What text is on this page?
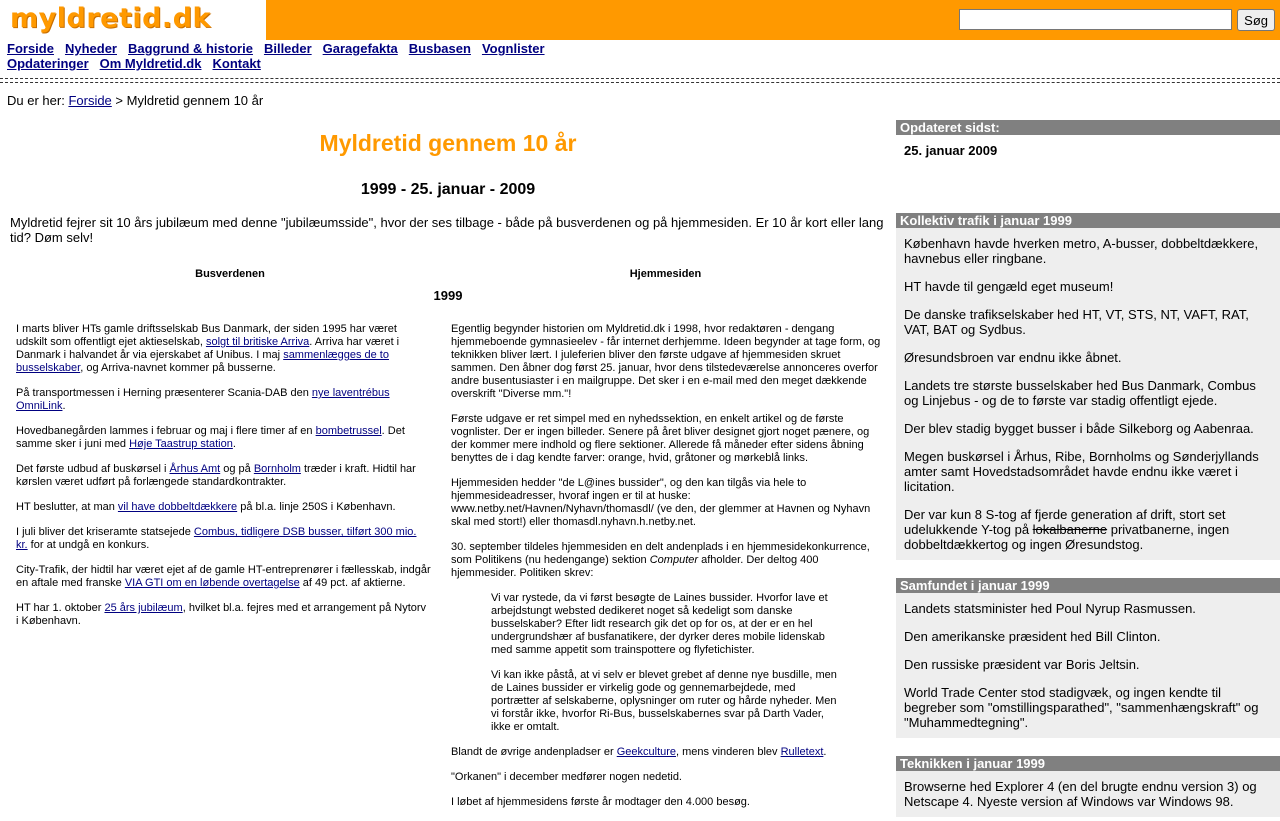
myldretid.dk	Søg
Forside Nyheder Baggrund & historie Billeder Garagefakta Busbasen Vognlister
Opdateringer Om Myldretid.dk Kontakt
Du er her: Forside > Myldretid gennem 10 år
Myldretid gennem 10 år
1999 - 25. januar - 2009
Myldretid fejrer sit 10 års jubilæum med denne "jubilæumsside", hvor der ses tilbage - både på busverdenen og på hjemmesiden. Er 10 år kort eller lang tid? Døm selv!
Busverdenen	Hjemmesiden
1999

I marts bliver HTs gamle driftsselskab Bus Danmark, der siden 1995 har været udskilt som offentligt ejet aktieselskab, solgt til britiske Arriva. Arriva har været i Danmark i halvandet år via ejerskabet af Unibus. I maj sammenlægges de to busselskaber, og Arriva-navnet kommer på busserne.

På transportmessen i Herning præsenterer Scania-DAB den nye laventrébus OmniLink.

Hovedbanegården lammes i februar og maj i flere timer af en bombetrussel. Det samme sker i juni med Høje Taastrup station.

Det første udbud af buskørsel i Århus Amt og på Bornholm træder i kraft. Hidtil har kørslen været udført på forlængede standardkontrakter.

HT beslutter, at man vil have dobbeltdækkere på bl.a. linje 250S i København.

I juli bliver det kriseramte statsejede Combus, tidligere DSB busser, tilført 300 mio. kr. for at undgå en konkurs.

City-Trafik, der hidtil har været ejet af de gamle HT-entreprenører i fællesskab, indgår en aftale med franske VIA GTI om en løbende overtagelse af 49 pct. af aktierne.

HT har 1. oktober 25 års jubilæum, hvilket bl.a. fejres med et arrangement på Nytorv i København.

Egentlig begynder historien om Myldretid.dk i 1998, hvor redaktøren - dengang hjemmeboende gymnasieelev - får internet derhjemme. Ideen begynder at tage form, og teknikken bliver lært. I juleferien bliver den første udgave af hjemmesiden skruet sammen. Den åbner dog først 25. januar, hvor dens tilstedeværelse annonceres overfor andre busentusiaster i en mailgruppe. Det sker i en e-mail med den meget dækkende overskrift "Diverse mm."!

Første udgave er ret simpel med en nyhedssektion, en enkelt artikel og de første vognlister. Der er ingen billeder. Senere på året bliver designet gjort noget pænere, og der kommer mere indhold og flere sektioner. Allerede få måneder efter sidens åbning benyttes de i dag kendte farver: orange, hvid, gråtoner og mørkeblå links.

Hjemmesiden hedder "de L@ines bussider", og den kan tilgås via hele to hjemmesideadresser, hvoraf ingen er til at huske: www.netby.net/Havnen/Nyhavn/thomasdl/ (ve den, der glemmer at Havnen og Nyhavn skal med stort!) eller thomasdl.nyhavn.h.netby.net.

30. september tildeles hjemmesiden en delt andenplads i en hjemmesidekonkurrence, som Politikens (nu hedengange) sektion Computer afholder. Der deltog 400 hjemmesider. Politiken skrev:

Vi var rystede, da vi først besøgte de Laines bussider. Hvorfor lave et arbejdstungt websted dedikeret noget så kedeligt som danske busselskaber? Efter lidt research gik det op for os, at der er en hel undergrundshær af busfanatikere, der dyrker deres mobile lidenskab med samme appetit som trainspottere og flyfetichister.

Vi kan ikke påstå, at vi selv er blevet grebet af denne nye busdille, men de Laines bussider er virkelig gode og gennemarbejdede, med portrætter af selskaberne, oplysninger om ruter og hårde nyheder. Men vi forstår ikke, hvorfor Ri-Bus, busselskabernes svar på Darth Vader, ikke er omtalt.

Blandt de øvrige andenpladser er Geekculture, mens vinderen blev Rulletext.

"Orkanen" i december medfører nogen nedetid.

I løbet af hjemmesidens første år modtager den 4.000 besøg.

Opdateret sidst:
25. januar 2009
Kollektiv trafik i januar 1999

København havde hverken metro, A-busser, dobbeltdækkere, havnebus eller ringbane.

HT havde til gengæld eget museum!

De danske trafikselskaber hed HT, VT, STS, NT, VAFT, RAT, VAT, BAT og Sydbus.

Øresundsbroen var endnu ikke åbnet.

Landets tre største busselskaber hed Bus Danmark, Combus og Linjebus - og de to første var stadig offentligt ejede.

Der blev stadig bygget busser i både Silkeborg og Aabenraa.

Megen buskørsel i Århus, Ribe, Bornholms og Sønderjyllands amter samt Hovedstadsområdet havde endnu ikke været i licitation.

Der var kun 8 S-tog af fjerde generation af drift, stort set udelukkende Y-tog på lokalbanerne privatbanerne, ingen dobbeltdækkertog og ingen Øresundstog.

Samfundet i januar 1999

Landets statsminister hed Poul Nyrup Rasmussen.

Den amerikanske præsident hed Bill Clinton.

Den russiske præsident var Boris Jeltsin.

World Trade Center stod stadigvæk, og ingen kendte til begreber som "omstillingsparathed", "sammenhængskraft" og "Muhammedtegning".

Teknikken i januar 1999

Browserne hed Explorer 4 (en del brugte endnu version 3) og Netscape 4. Nyeste version af Windows var Windows 98.
